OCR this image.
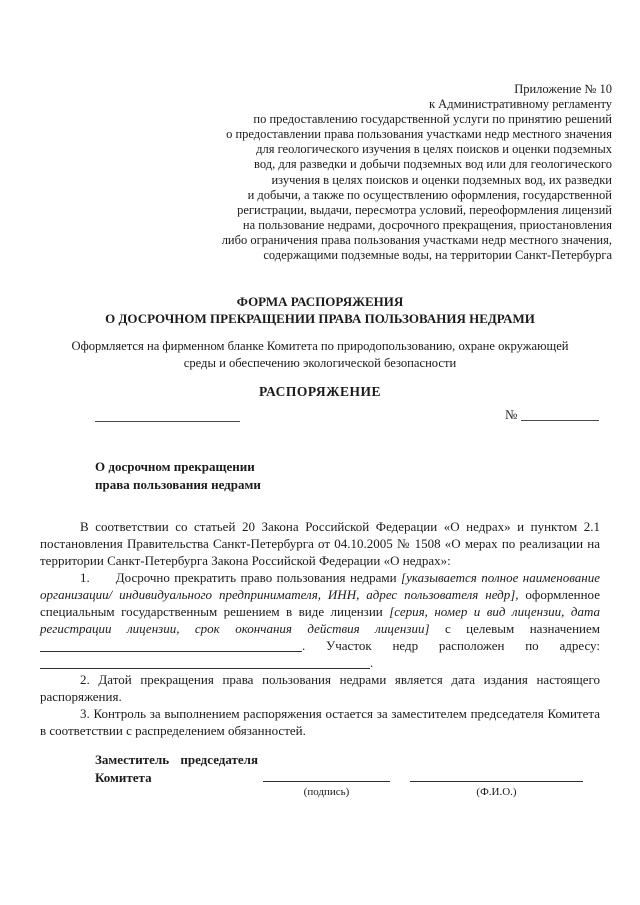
Приложение № 10
к Административному регламенту
по предоставлению государственной услуги по принятию решений
о предоставлении права пользования участками недр местного значения
для геологического изучения в целях поисков и оценки подземных
вод, для разведки и добычи подземных вод или для геологического
изучения в целях поисков и оценки подземных вод, их разведки
и добычи, а также по осуществлению оформления, государственной
регистрации, выдачи, пересмотра условий, переоформления лицензий
на пользование недрами, досрочного прекращения, приостановления
либо ограничения права пользования участками недр местного значения,
содержащими подземные воды, на территории Санкт-Петербурга
ФОРМА РАСПОРЯЖЕНИЯ
О ДОСРОЧНОМ ПРЕКРАЩЕНИИ ПРАВА ПОЛЬЗОВАНИЯ НЕДРАМИ
Оформляется на фирменном бланке Комитета по природопользованию, охране окружающей
среды и обеспечению экологической безопасности
РАСПОРЯЖЕНИЕ
№
О досрочном прекращении
права пользования недрами

В соответствии со статьей 20 Закона Российской Федерации «О недрах» и пунктом 2.1 постановления Правительства Санкт-Петербурга от 04.10.2005 № 1508 «О мерах по реализации на территории Санкт-Петербурга Закона Российской Федерации «О недрах»:

1. Досрочно прекратить право пользования недрами [указывается полное наименование организации/ индивидуального предпринимателя, ИНН, адрес пользователя недр], оформленное специальным государственным решением в виде лицензии [серия, номер и вид лицензии, дата регистрации лицензии, срок окончания действия лицензии] с целевым назначением . Участок недр расположен по адресу: .

2. Датой прекращения права пользования недрами является дата издания настоящего распоряжения.

3. Контроль за выполнением распоряжения остается за заместителем председателя Комитета в соответствии с распределением обязанностей.

Заместитель председателя
Комитета
(подпись)	(Ф.И.О.)
